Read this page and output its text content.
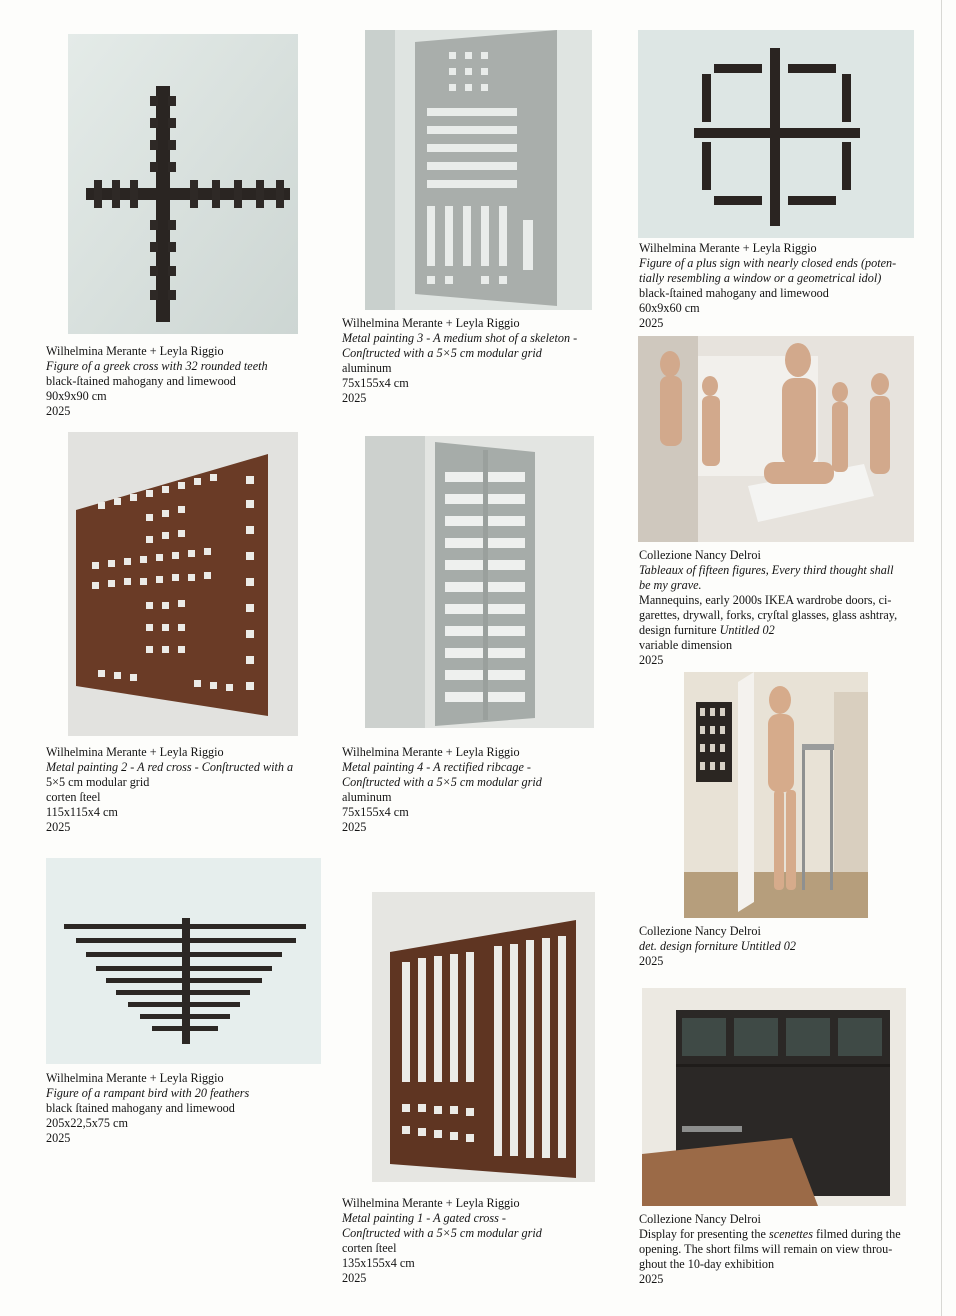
Wilhelmina Merante + Leyla Riggio
Figure of a greek cross with 32 rounded teeth
black-ſtained mahogany and limewood
90x9x90 cm
2025
Wilhelmina Merante + Leyla Riggio
Metal painting 3 - A medium shot of a skeleton -
Conſtructed with a 5×5 cm modular grid
aluminum
75x155x4 cm
2025
Wilhelmina Merante + Leyla Riggio
Figure of a plus sign with nearly closed ends (poten-
tially resembling a window or a geometrical idol)
black-ſtained mahogany and limewood
60x9x60 cm
2025
Collezione Nancy Delroi
Tableaux of fifteen figures, Every third thought shall
be my grave.
Mannequins, early 2000s IKEA wardrobe doors, ci-
garettes, drywall, forks, cryſtal glasses, glass ashtray,
design furniture Untitled 02
variable dimension
2025
Wilhelmina Merante + Leyla Riggio
Metal painting 2 - A red cross - Conſtructed with a
5×5 cm modular grid
corten ſteel
115x115x4 cm
2025
Wilhelmina Merante + Leyla Riggio
Metal painting 4 - A rectified ribcage -
Conſtructed with a 5×5 cm modular grid
aluminum
75x155x4 cm
2025
Collezione Nancy Delroi
det. design forniture Untitled 02
2025
Wilhelmina Merante + Leyla Riggio
Figure of a rampant bird with 20 feathers
black ſtained mahogany and limewood
205x22,5x75 cm
2025
Wilhelmina Merante + Leyla Riggio
Metal painting 1 - A gated cross -
Conſtructed with a 5×5 cm modular grid
corten ſteel
135x155x4 cm
2025
Collezione Nancy Delroi
Display for presenting the scenettes filmed during the
opening. The short films will remain on view throu-
ghout the 10-day exhibition
2025
